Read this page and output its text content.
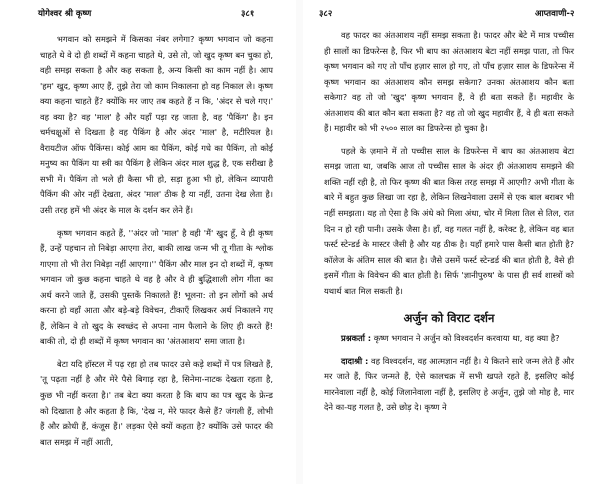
योगेश्वर श्री कृष्ण	३८१

भगवान को समझने में किसका नंबर लगेगा? कृष्ण भगवान जो कहना चाहते थे वे दो ही शब्दों में कहना चाहते थे, उसे तो, जो खुद कृष्ण बन चुका हो, वही समझ सकता है और कह सकता है, अन्य किसी का काम नहीं है। आप 'हम' खुद, कृष्ण आए हैं, तुझे तेरा जो काम निकालना हो वह निकाल ले। कृष्ण क्या कहना चाहते हैं? क्योंकि मर जाए तब कहते हैं न कि, 'अंदर से चले गए।' वह क्या है? वह 'माल' है और यहाँ पड़ा रह जाता है, वह 'पैकिंग' है। इन चर्मचक्षुओं से दिखता है वह पैकिंग है और अंदर 'माल' है, मटीरियल है। वैरायटीज ऑफ पैकिंग्स। कोई आम का पैकिंग, कोई गधे का पैकिंग, तो कोई मनुष्य का पैकिंग या स्त्री का पैकिंग है लेकिन अंदर माल शुद्ध है, एक सरीखा है सभी में। पैकिंग तो भले ही कैसा भी हो, सड़ा हुआ भी हो, लेकिन व्यापारी पैकिंग की ओर नहीं देखता, अंदर 'माल' ठीक है या नहीं, उतना देख लेता है। उसी तरह हमें भी अंदर के माल के दर्शन कर लेने हैं।

कृष्ण भगवान कहते हैं, ''अंदर जो 'माल' है वही 'मैं' खुद हूँ, वे ही कृष्ण हैं, उन्हें पहचान तो निबेड़ा आएगा तेरा, बाकी लाख जन्म भी तू गीता के श्लोक गाएगा तो भी तेरा निबेड़ा नहीं आएगा।'' पैकिंग और माल इन दो शब्दों में, कृष्ण भगवान जो कुछ कहना चाहते थे वह है और वे ही बुद्धिशाली लोग गीता का अर्थ करने जाते हैं, उसकी पुस्तकें निकालते हैं! भूलना: तो इन लोगों को अर्थ करना हो वहाँ आता और बड़े-बड़े विवेचन, टीकाएँ लिखकर अर्थ निकालने गए हैं, लेकिन वे तो खुद के स्वच्छंद से अपना नाम फैलाने के लिए ही करते हैं! बाकी तो, दो ही शब्दों में कृष्ण भगवान का 'अंतआशय' समा जाता है।

बेटा यदि हॉस्टल में पढ़ रहा हो तब फादर उसे कड़े शब्दों में पत्र लिखते हैं, 'तू पढ़ता नहीं है और मेरे पैसे बिगाड़ रहा है, सिनेमा-नाटक देखता रहता है, कुछ भी नहीं करता है।' तब बेटा क्या करता है कि बाप का पत्र खुद के फ्रेन्ड को दिखाता है और कहता है कि, 'देख न, मेरे फादर कैसे हैं? जंगली हैं, लोभी हैं और क्रोधी हैं, कंजूस हैं।' लड़का ऐसे क्यों कहता है? क्योंकि उसे फादर की बात समझ में नहीं आती,

३८२	आप्तवाणी-२

वह फादर का अंतआशय नहीं समझ सकता है। फादर और बेटे में मात्र पच्चीस ही सालों का डिफरेन्स है, फिर भी बाप का अंतआशय बेटा नहीं समझ पाता, तो फिर कृष्ण भगवान को गए तो पाँच हज़ार साल हो गए, तो पाँच हज़ार साल के डिफरेन्स में कृष्ण भगवान का अंतआशय कौन समझ सकेगा? उनका अंतआशय कौन बता सकेगा? वह तो जो 'खुद' कृष्ण भगवान हैं, वे ही बता सकते हैं। महावीर के अंतआशय की बात कौन बता सकता है? वह तो जो खुद महावीर हैं, वे ही बता सकते हैं। महावीर को भी २५०० साल का डिफरेन्स हो चुका है।

पहले के ज़माने में तो पच्चीस साल के डिफरेन्स में बाप का अंतआशय बेटा समझ जाता था, जबकि आज तो पच्चीस साल के अंदर ही अंतआशय समझने की शक्ति नहीं रही है, तो फिर कृष्ण की बात किस तरह समझ में आएगी? अभी गीता के बारे में बहुत कुछ लिखा जा रहा है, लेकिन लिखनेवाला उसमें से एक बाल बराबर भी नहीं समझता। यह तो ऐसा है कि अंधे को मिला अंधा, चोर में मिला तिल से तिल, रात दिन न हो रही पानी। उसके जैसा है। हाँ, वह गलत नहीं है, करेक्ट है, लेकिन वह बात फर्स्ट स्टेन्डर्ड के मास्टर जैसी है और यह ठीक है। यहाँ हमारे पास कैसी बात होती है? कॉलेज के अंतिम साल की बात है। जैसे उसमें फर्स्ट स्टेन्डर्ड की बात होती है, वैसे ही इसमें गीता के विवेचन की बात होती है। सिर्फ 'ज्ञानीपुरुष' के पास ही सर्व शास्त्रों को यथार्थ बात मिल सकती है।

अर्जुन को विराट दर्शन

प्रश्नकर्ता : कृष्ण भगवान ने अर्जुन को विश्वदर्शन करवाया था, वह क्या है?

दादाश्री : वह विश्वदर्शन, वह आत्मज्ञान नहीं है। ये कितने सारे जन्म लेते हैं और मर जाते हैं, फिर जन्मते हैं, ऐसे कालचक्र में सभी खपते रहते हैं, इसलिए कोई मारनेवाला नहीं है, कोई जिलानेवाला नहीं है, इसलिए हे अर्जुन, तुझे जो मोह है, मार देने का-यह गलत है, उसे छोड़ दे। कृष्ण ने
